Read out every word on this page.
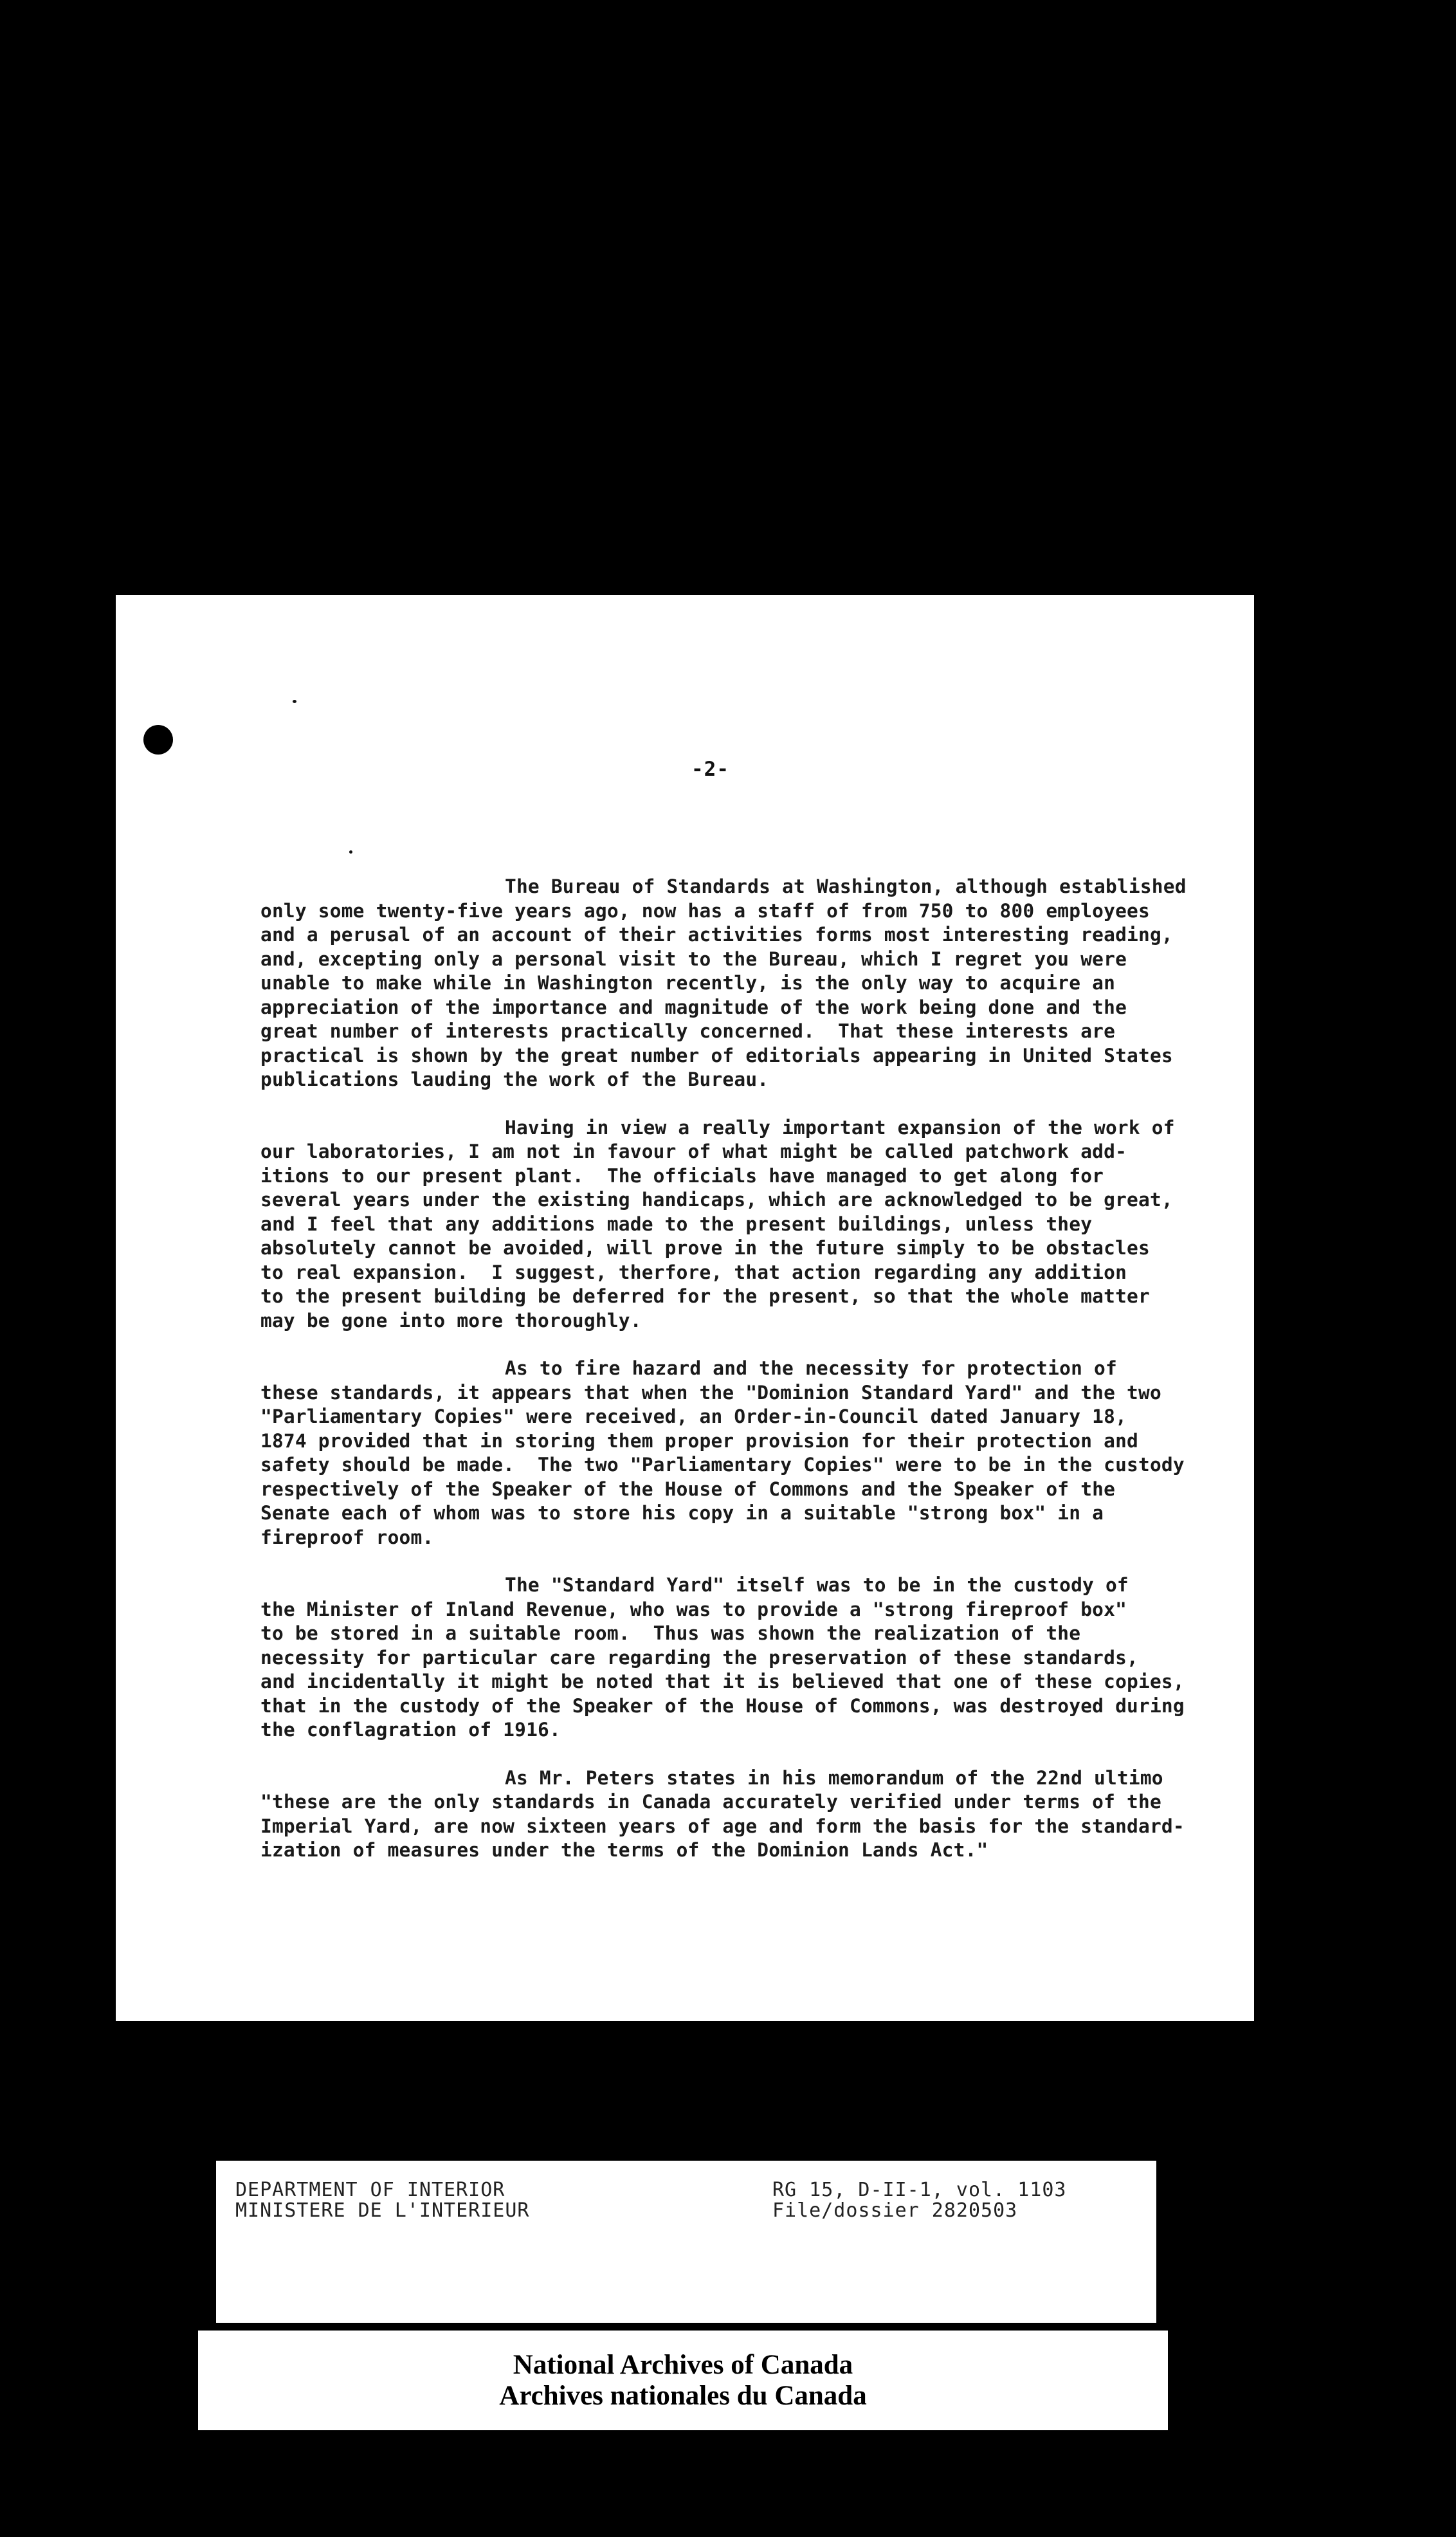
-2-
The Bureau of Standards at Washington, although established
only some twenty-five years ago, now has a staff of from 750 to 800 employees
and a perusal of an account of their activities forms most interesting reading,
and, excepting only a personal visit to the Bureau, which I regret you were
unable to make while in Washington recently, is the only way to acquire an
appreciation of the importance and magnitude of the work being done and the
great number of interests practically concerned.  That these interests are
practical is shown by the great number of editorials appearing in United States
publications lauding the work of the Bureau.
Having in view a really important expansion of the work of
our laboratories, I am not in favour of what might be called patchwork add-
itions to our present plant.  The officials have managed to get along for
several years under the existing handicaps, which are acknowledged to be great,
and I feel that any additions made to the present buildings, unless they
absolutely cannot be avoided, will prove in the future simply to be obstacles
to real expansion.  I suggest, therfore, that action regarding any addition
to the present building be deferred for the present, so that the whole matter
may be gone into more thoroughly.
As to fire hazard and the necessity for protection of
these standards, it appears that when the "Dominion Standard Yard" and the two
"Parliamentary Copies" were received, an Order-in-Council dated January 18,
1874 provided that in storing them proper provision for their protection and
safety should be made.  The two "Parliamentary Copies" were to be in the custody
respectively of the Speaker of the House of Commons and the Speaker of the
Senate each of whom was to store his copy in a suitable "strong box" in a
fireproof room.
The "Standard Yard" itself was to be in the custody of
the Minister of Inland Revenue, who was to provide a "strong fireproof box"
to be stored in a suitable room.  Thus was shown the realization of the
necessity for particular care regarding the preservation of these standards,
and incidentally it might be noted that it is believed that one of these copies,
that in the custody of the Speaker of the House of Commons, was destroyed during
the conflagration of 1916.
As Mr. Peters states in his memorandum of the 22nd ultimo
"these are the only standards in Canada accurately verified under terms of the
Imperial Yard, are now sixteen years of age and form the basis for the standard-
ization of measures under the terms of the Dominion Lands Act."
DEPARTMENT OF INTERIOR
MINISTERE DE L'INTERIEUR
RG 15, D-II-1, vol. 1103
File/dossier 2820503
National Archives of Canada
Archives nationales du Canada
